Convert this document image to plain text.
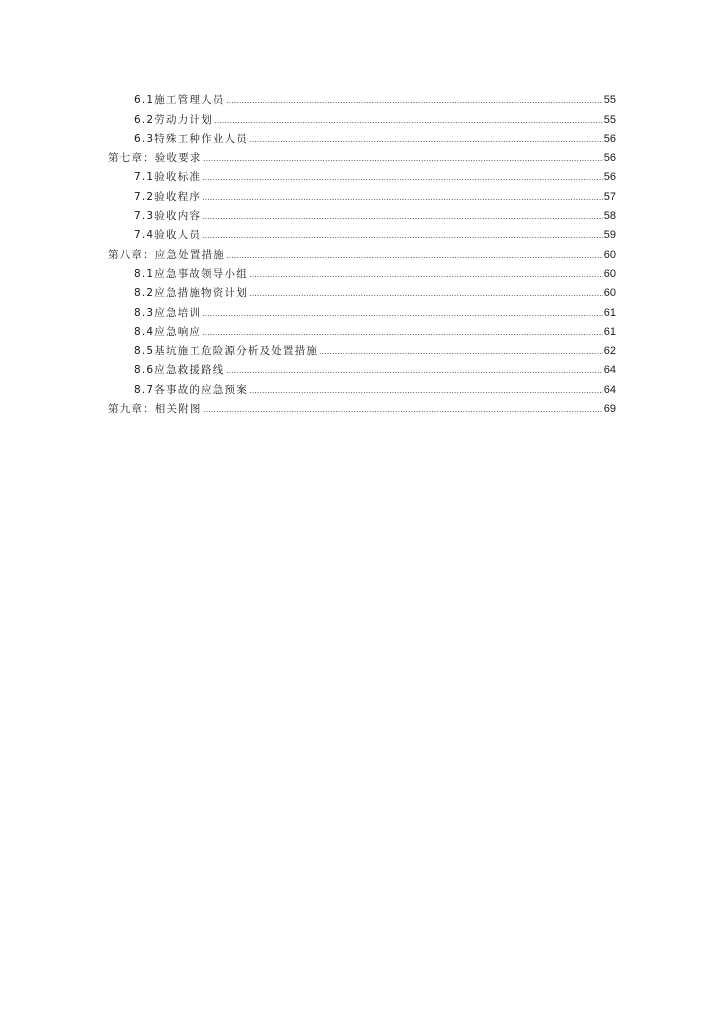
6.1施工管理人员	55
6.2劳动力计划	55
6.3特殊工种作业人员	56
第七章：验收要求	56
7.1验收标准	56
7.2验收程序	57
7.3验收内容	58
7.4验收人员	59
第八章：应急处置措施	60
8.1应急事故领导小组	60
8.2应急措施物资计划	60
8.3应急培训	61
8.4应急响应	61
8.5基坑施工危险源分析及处置措施	62
8.6应急救援路线	64
8.7各事故的应急预案	64
第九章：相关附图	69
